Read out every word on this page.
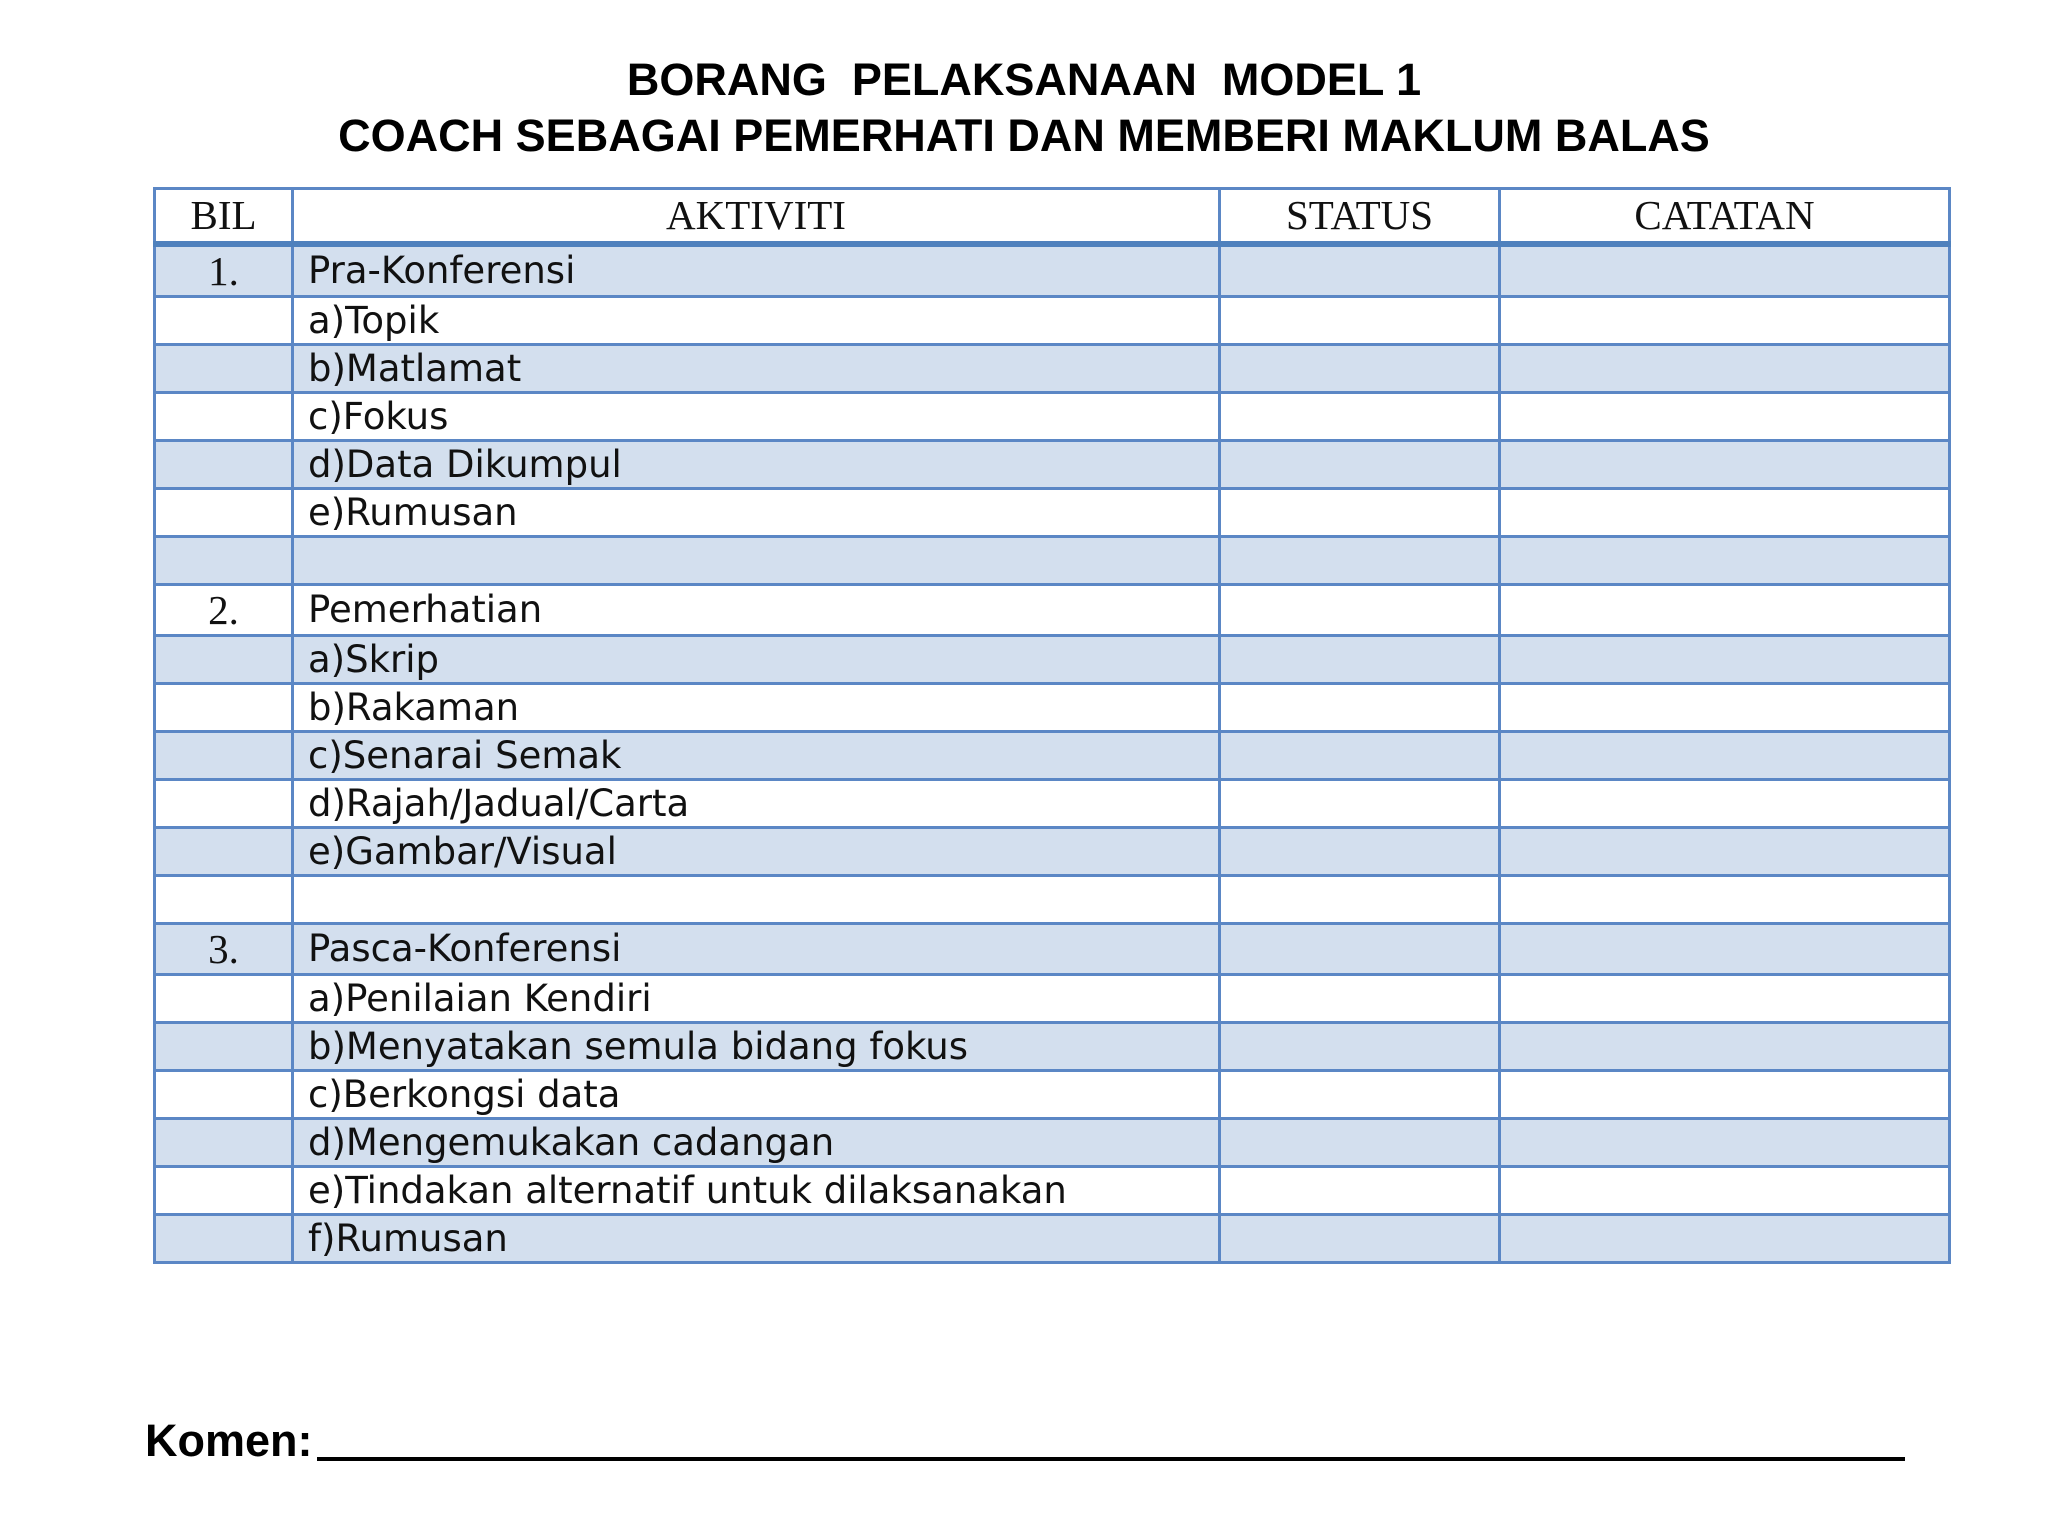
BORANG  PELAKSANAAN  MODEL 1
COACH SEBAGAI PEMERHATI DAN MEMBERI MAKLUM BALAS
BIL	AKTIVITI	STATUS	CATATAN
1.	Pra-Konferensi		
	a)Topik		
	b)Matlamat		
	c)Fokus		
	d)Data Dikumpul		
	e)Rumusan		

2.	Pemerhatian		
	a)Skrip		
	b)Rakaman		
	c)Senarai Semak		
	d)Rajah/Jadual/Carta		
	e)Gambar/Visual		

3.	Pasca-Konferensi		
	a)Penilaian Kendiri		
	b)Menyatakan semula bidang fokus		
	c)Berkongsi data		
	d)Mengemukakan cadangan		
	e)Tindakan alternatif untuk dilaksanakan		
	f)Rumusan		
Komen:
